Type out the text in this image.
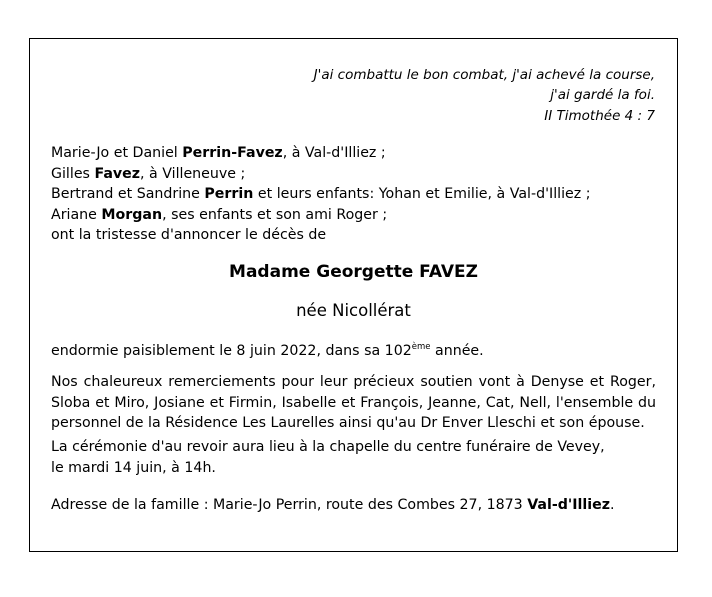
J'ai combattu le bon combat, j'ai achevé la course,
j'ai gardé la foi.
II Timothée 4 : 7
Marie-Jo et Daniel Perrin-Favez, à Val-d'Illiez ;
Gilles Favez, à Villeneuve ;
Bertrand et Sandrine Perrin et leurs enfants: Yohan et Emilie, à Val-d'Illiez ;
Ariane Morgan, ses enfants et son ami Roger ;
ont la tristesse d'annoncer le décès de
Madame Georgette FAVEZ
née Nicollérat
endormie paisiblement le 8 juin 2022, dans sa 102ème année.
Nos chaleureux remerciements pour leur précieux soutien vont à Denyse et Roger,
Sloba et Miro, Josiane et Firmin, Isabelle et François, Jeanne, Cat, Nell, l'ensemble du
personnel de la Résidence Les Laurelles ainsi qu'au Dr Enver Lleschi et son épouse.
La cérémonie d'au revoir aura lieu à la chapelle du centre funéraire de Vevey,
le mardi 14 juin, à 14h.
Adresse de la famille : Marie-Jo Perrin, route des Combes 27, 1873 Val-d'Illiez.
